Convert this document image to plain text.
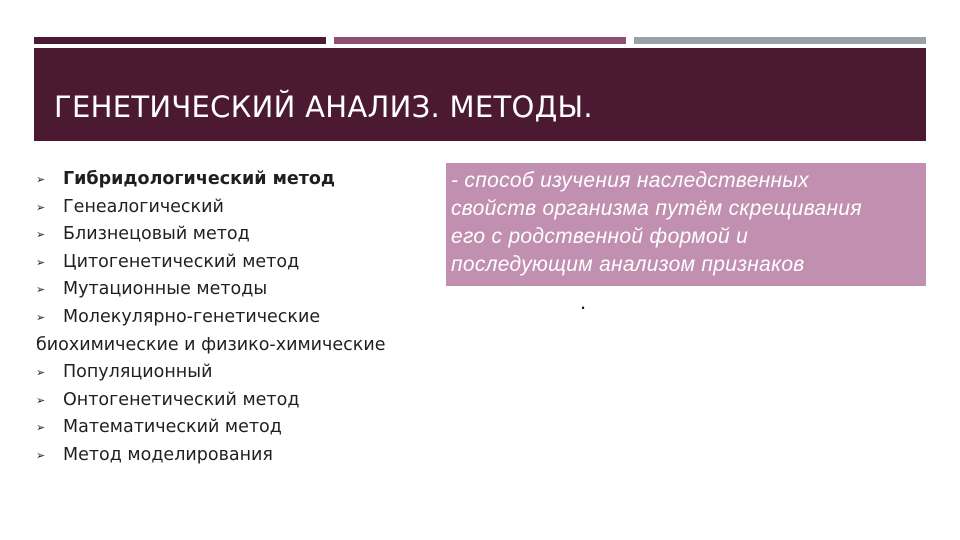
ГЕНЕТИЧЕСКИЙ АНАЛИЗ. МЕТОДЫ.
➢ Гибридологический метод
➢ Генеалогический
➢ Близнецовый метод
➢ Цитогенетический метод
➢ Мутационные методы
➢ Молекулярно-генетические
биохимические и физико-химические
➢ Популяционный
➢ Онтогенетический метод
➢ Математический метод
➢ Метод моделирования
- способ изучения наследственных
свойств организма путём скрещивания
его с родственной формой и
последующим анализом признаков
.
